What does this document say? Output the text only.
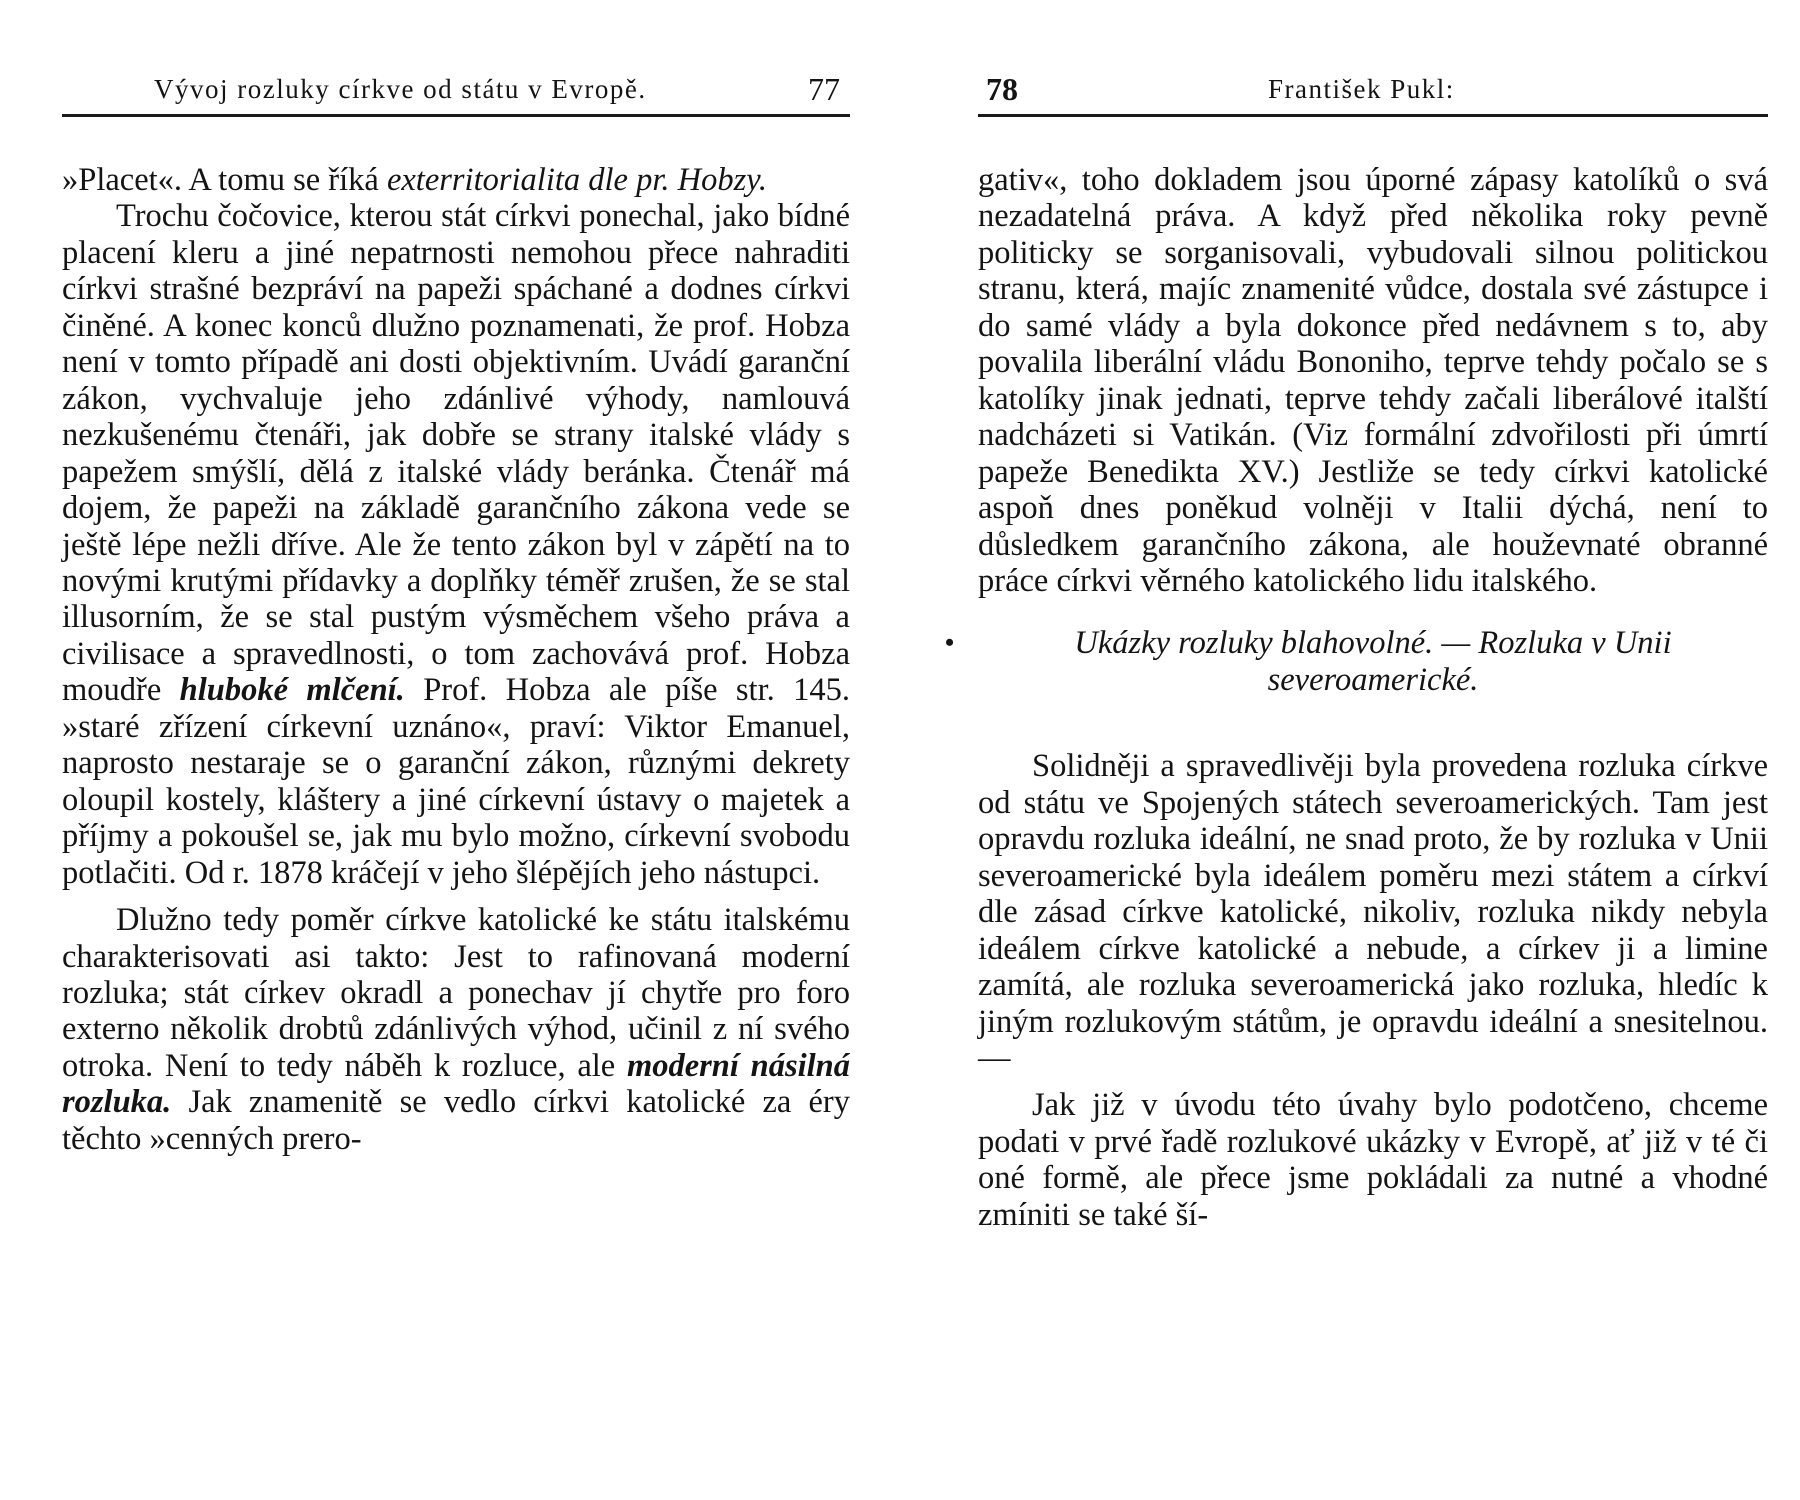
Vývoj rozluky církve od státu v Evropě.	77

»Placet«. A tomu se říká exterritorialita dle pr. Hobzy.

Trochu čočovice, kterou stát církvi ponechal, jako bídné placení kleru a jiné nepatrnosti nemohou přece nahraditi církvi strašné bezpráví na papeži spáchané a dodnes církvi činěné. A konec konců dlužno poznamenati, že prof. Hobza není v tomto případě ani dosti objektivním. Uvádí garanční zákon, vychvaluje jeho zdánlivé výhody, namlouvá nezkušenému čtenáři, jak dobře se strany italské vlády s papežem smýšlí, dělá z italské vlády beránka. Čtenář má dojem, že papeži na základě garančního zákona vede se ještě lépe nežli dříve. Ale že tento zákon byl v zápětí na to novými krutými přídavky a doplňky téměř zrušen, že se stal illusorním, že se stal pustým výsměchem všeho práva a civilisace a spravedlnosti, o tom zachovává prof. Hobza moudře hluboké mlčení. Prof. Hobza ale píše str. 145. »staré zřízení církevní uznáno«, praví: Viktor Emanuel, naprosto nestaraje se o garanční zákon, různými dekrety oloupil kostely, kláštery a jiné církevní ústavy o majetek a příjmy a pokoušel se, jak mu bylo možno, církevní svobodu potlačiti. Od r. 1878 kráčejí v jeho šlépějích jeho nástupci.

Dlužno tedy poměr církve katolické ke státu italskému charakterisovati asi takto: Jest to rafinovaná moderní rozluka; stát církev okradl a ponechav jí chytře pro foro externo několik drobtů zdánlivých výhod, učinil z ní svého otroka. Není to tedy náběh k rozluce, ale moderní násilná rozluka. Jak znamenitě se vedlo církvi katolické za éry těchto »cenných prero-

•
78	František Pukl:

gativ«, toho dokladem jsou úporné zápasy katolíků o svá nezadatelná práva. A když před několika roky pevně politicky se sorganisovali, vybudovali silnou politickou stranu, která, majíc znamenité vůdce, dostala své zástupce i do samé vlády a byla dokonce před nedávnem s to, aby povalila liberální vládu Bononiho, teprve tehdy počalo se s katolíky jinak jednati, teprve tehdy začali liberálové italští nadcházeti si Vatikán. (Viz formální zdvořilosti při úmrtí papeže Benedikta XV.) Jestliže se tedy církvi katolické aspoň dnes poněkud volněji v Italii dýchá, není to důsledkem garančního zákona, ale houževnaté obranné práce církvi věrného katolického lidu italského.

Ukázky rozluky blahovolné. — Rozluka v Unii
severoamerické.

Solidněji a spravedlivěji byla provedena rozluka církve od státu ve Spojených státech severoamerických. Tam jest opravdu rozluka ideální, ne snad proto, že by rozluka v Unii severoamerické byla ideálem poměru mezi státem a církví dle zásad církve katolické, nikoliv, rozluka nikdy nebyla ideálem církve katolické a nebude, a církev ji a limine zamítá, ale rozluka severoamerická jako rozluka, hledíc k jiným rozlukovým státům, je opravdu ideální a snesitelnou. —

Jak již v úvodu této úvahy bylo podotčeno, chceme podati v prvé řadě rozlukové ukázky v Evropě, ať již v té či oné formě, ale přece jsme pokládali za nutné a vhodné zmíniti se také ší-
